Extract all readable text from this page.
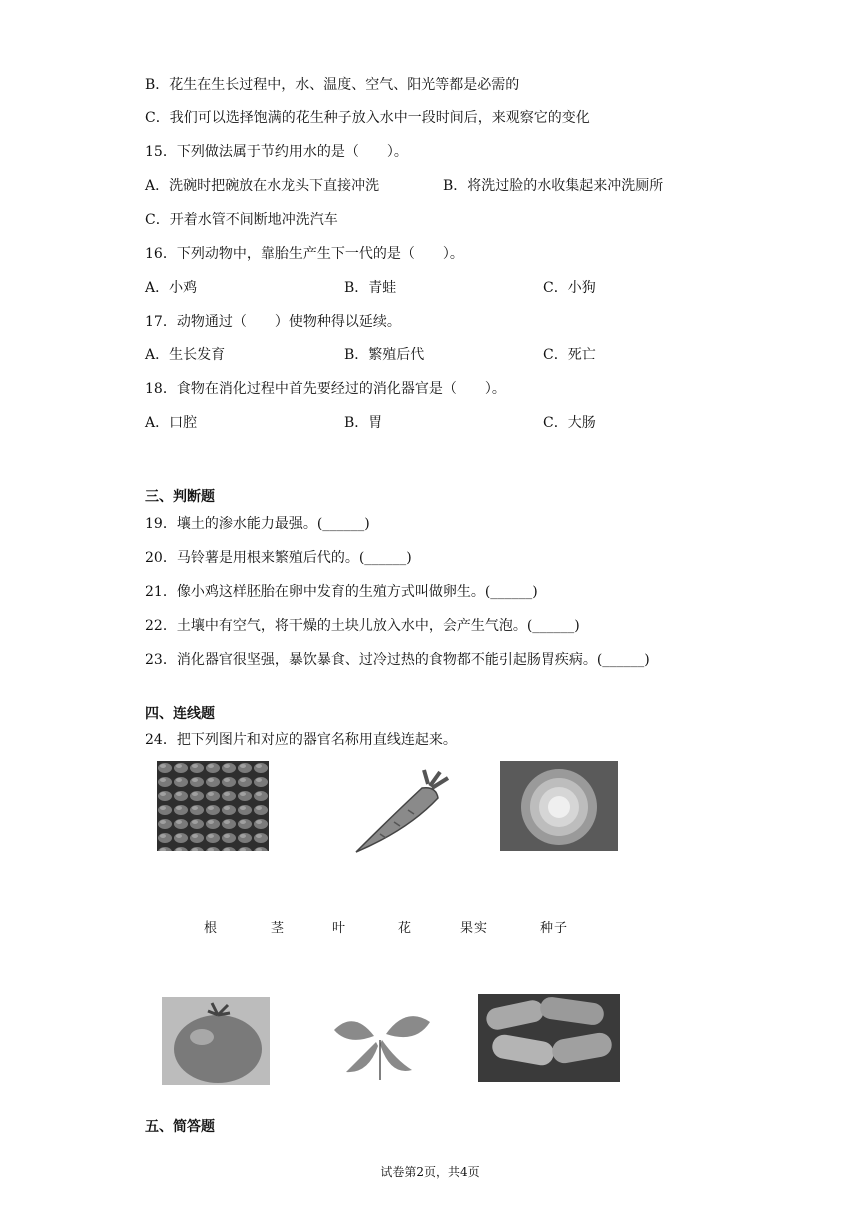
B．花生在生长过程中，水、温度、空气、阳光等都是必需的
C．我们可以选择饱满的花生种子放入水中一段时间后，来观察它的变化
15．下列做法属于节约用水的是（　　）。
A．洗碗时把碗放在水龙头下直接冲洗	B．将洗过脸的水收集起来冲洗厕所
C．开着水管不间断地冲洗汽车
16．下列动物中，靠胎生产生下一代的是（　　）。
A．小鸡	B．青蛙	C．小狗
17．动物通过（　　）使物种得以延续。
A．生长发育	B．繁殖后代	C．死亡
18．食物在消化过程中首先要经过的消化器官是（　　）。
A．口腔	B．胃	C．大肠
三、判断题
19．壤土的渗水能力最强。(______)
20．马铃薯是用根来繁殖后代的。(______)
21．像小鸡这样胚胎在卵中发育的生殖方式叫做卵生。(______)
22．土壤中有空气，将干燥的土块儿放入水中，会产生气泡。(______)
23．消化器官很坚强，暴饮暴食、过冷过热的食物都不能引起肠胃疾病。(______)
四、连线题
24．把下列图片和对应的器官名称用直线连起来。
根	茎	叶	花	果实	种子
五、简答题
试卷第2页，共4页
